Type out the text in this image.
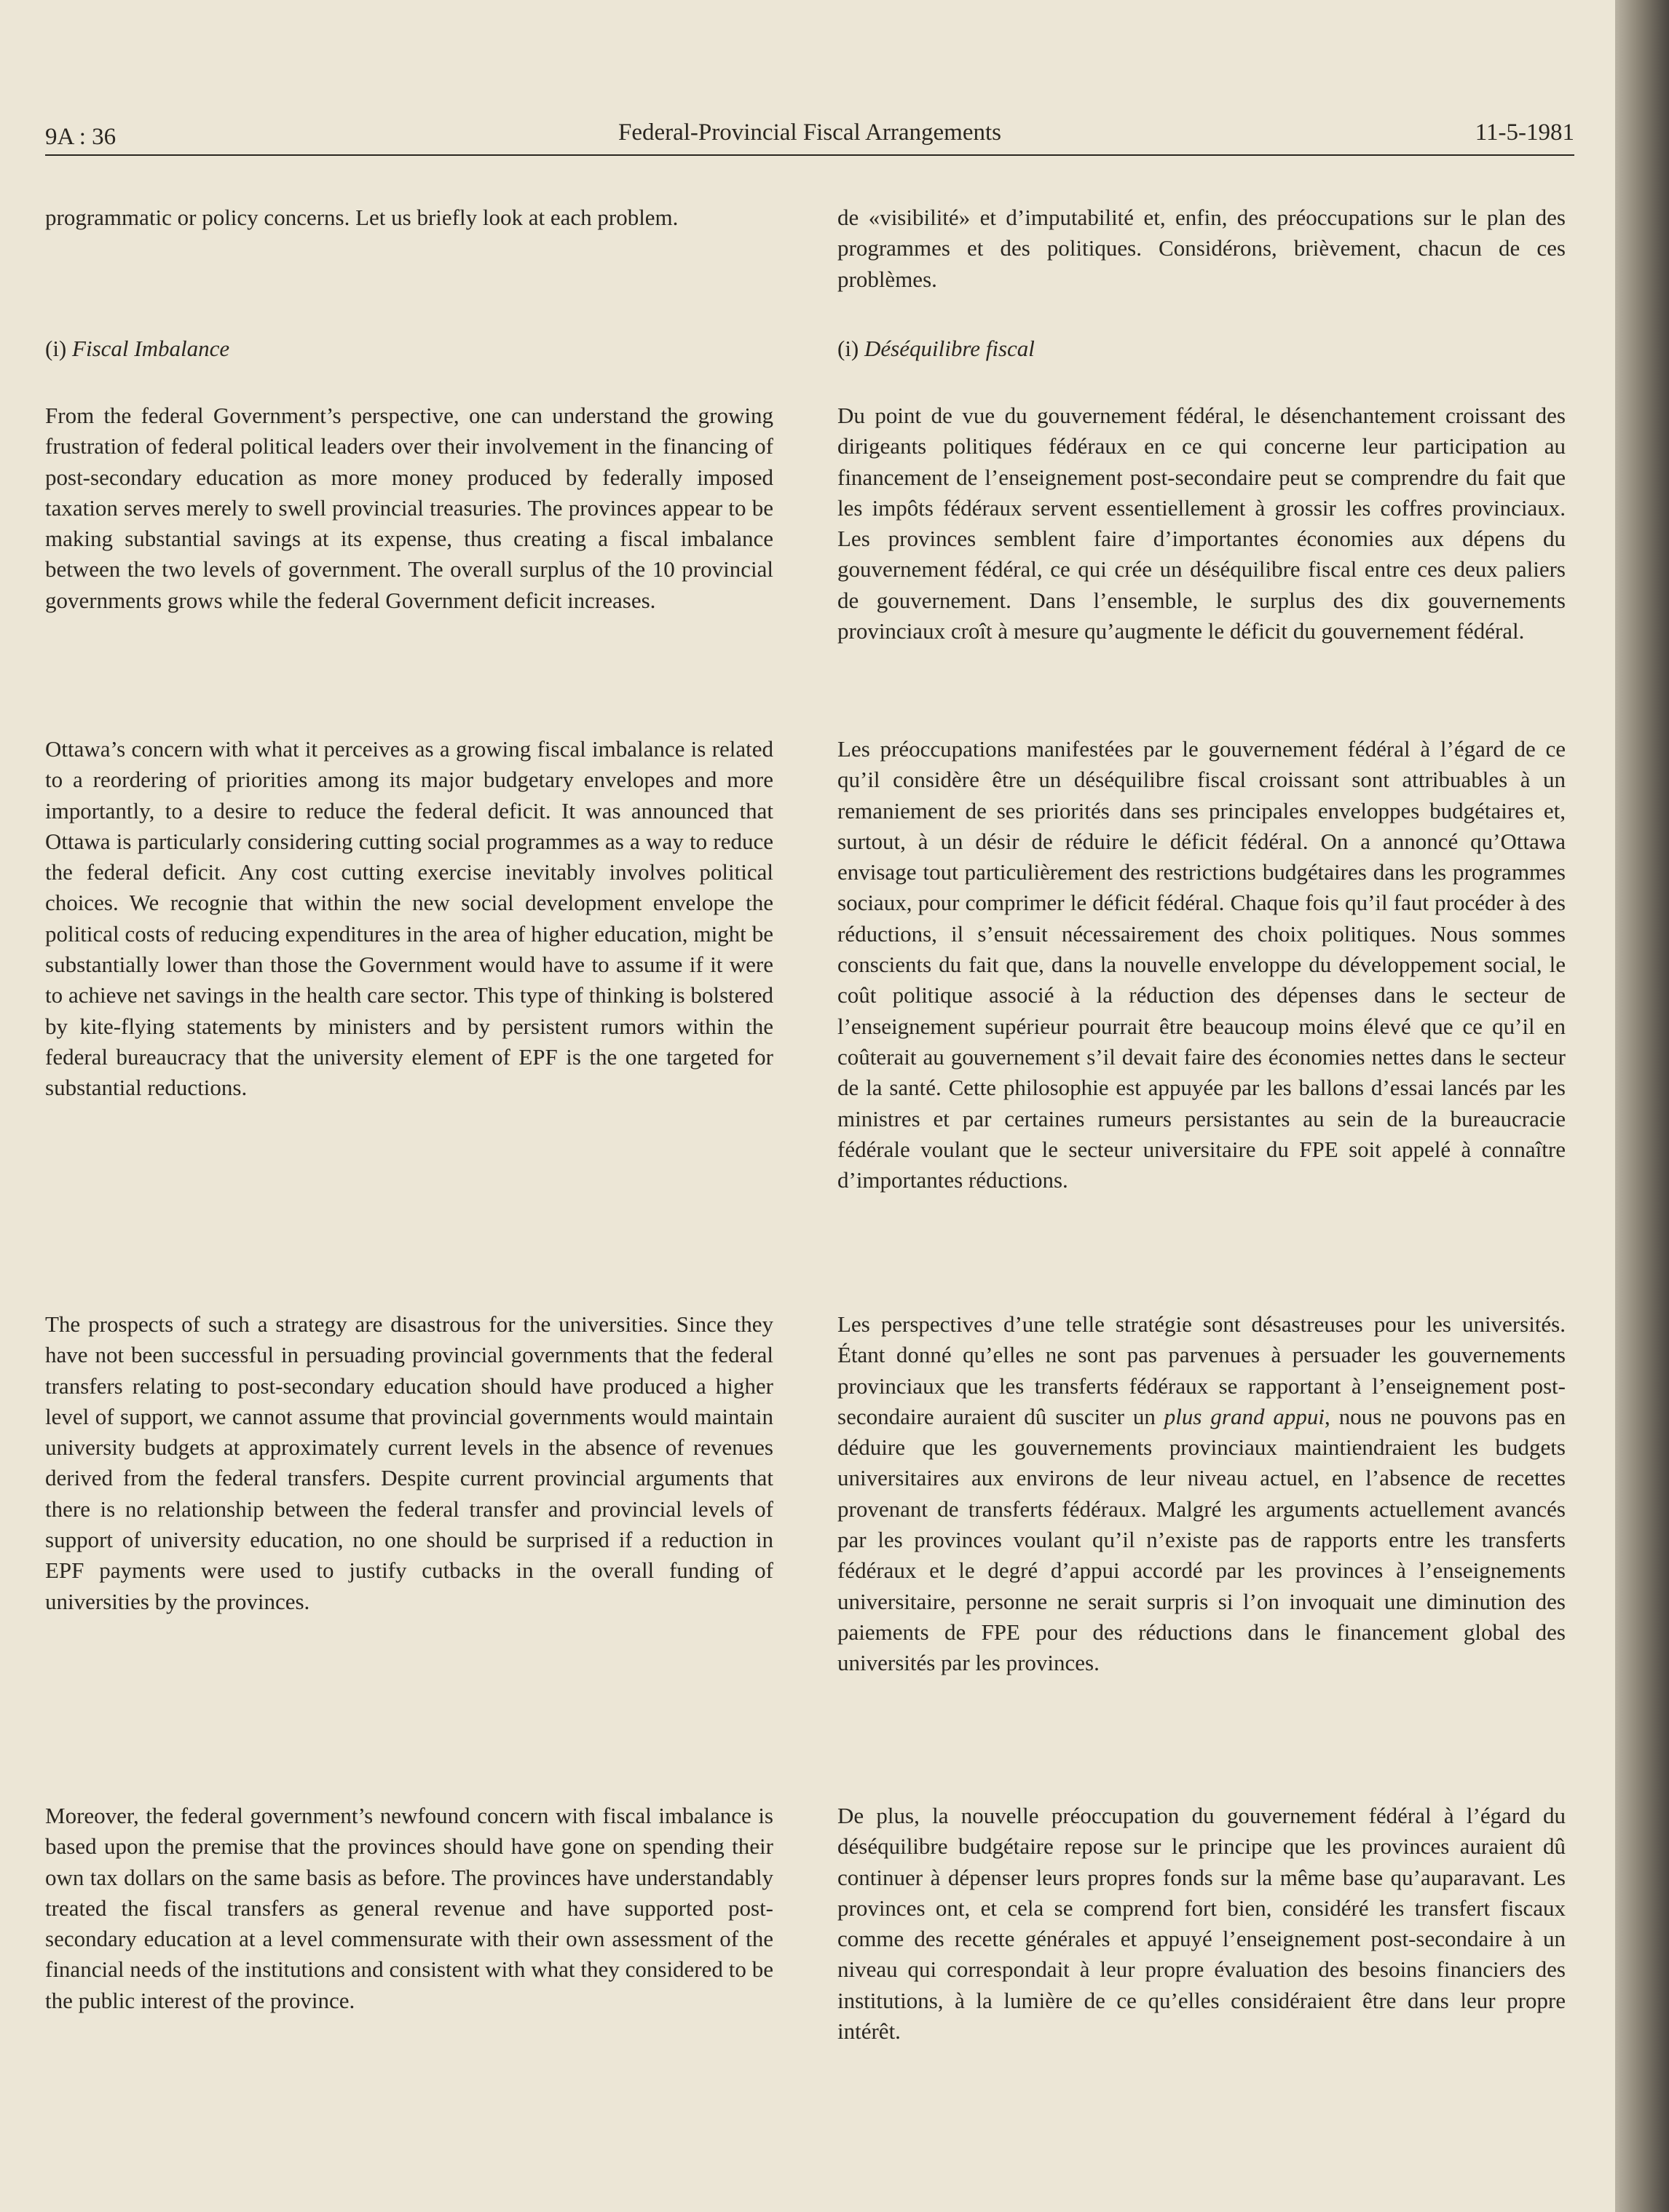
9A : 36	Federal-Provincial Fiscal Arrangements	11-5-1981

programmatic or policy concerns. Let us briefly look at each problem.

(i) Fiscal Imbalance

From the federal Government’s perspective, one can understand the growing frustration of federal political leaders over their involvement in the financing of post-secondary education as more money produced by federally imposed taxation serves merely to swell provincial treasuries. The provinces appear to be making substantial savings at its expense, thus creating a fiscal imbalance between the two levels of government. The overall surplus of the 10 provincial governments grows while the federal Government deficit increases.

Ottawa’s concern with what it perceives as a growing fiscal imbalance is related to a reordering of priorities among its major budgetary envelopes and more importantly, to a desire to reduce the federal deficit. It was announced that Ottawa is particularly considering cutting social programmes as a way to reduce the federal deficit. Any cost cutting exercise inevitably involves political choices. We recognie that within the new social development envelope the political costs of reducing expenditures in the area of higher education, might be substantially lower than those the Government would have to assume if it were to achieve net savings in the health care sector. This type of thinking is bolstered by kite-flying statements by ministers and by persistent rumors within the federal bureaucracy that the university element of EPF is the one targeted for substantial reductions.

The prospects of such a strategy are disastrous for the universities. Since they have not been successful in persuading provincial governments that the federal transfers relating to post-secondary education should have produced a higher level of support, we cannot assume that provincial governments would maintain university budgets at approximately current levels in the absence of revenues derived from the federal transfers. Despite current provincial arguments that there is no relationship between the federal transfer and provincial levels of support of university education, no one should be surprised if a reduction in EPF payments were used to justify cutbacks in the overall funding of universities by the provinces.

Moreover, the federal government’s newfound concern with fiscal imbalance is based upon the premise that the provinces should have gone on spending their own tax dollars on the same basis as before. The provinces have understandably treated the fiscal transfers as general revenue and have supported post-secondary education at a level commensurate with their own assessment of the financial needs of the institutions and consistent with what they considered to be the public interest of the province.

de «visibilité» et d’imputabilité et, enfin, des préoccupations sur le plan des programmes et des politiques. Considérons, brièvement, chacun de ces problèmes.

(i) Déséquilibre fiscal

Du point de vue du gouvernement fédéral, le désenchantement croissant des dirigeants politiques fédéraux en ce qui concerne leur participation au financement de l’enseignement post-secondaire peut se comprendre du fait que les impôts fédéraux servent essentiellement à grossir les coffres provinciaux. Les provinces semblent faire d’importantes économies aux dépens du gouvernement fédéral, ce qui crée un déséquilibre fiscal entre ces deux paliers de gouvernement. Dans l’ensemble, le surplus des dix gouvernements provinciaux croît à mesure qu’augmente le déficit du gouvernement fédéral.

Les préoccupations manifestées par le gouvernement fédéral à l’égard de ce qu’il considère être un déséquilibre fiscal croissant sont attribuables à un remaniement de ses priorités dans ses principales enveloppes budgétaires et, surtout, à un désir de réduire le déficit fédéral. On a annoncé qu’Ottawa envisage tout particulièrement des restrictions budgétaires dans les programmes sociaux, pour comprimer le déficit fédéral. Chaque fois qu’il faut procéder à des réductions, il s’ensuit nécessairement des choix politiques. Nous sommes conscients du fait que, dans la nouvelle enveloppe du développement social, le coût politique associé à la réduction des dépenses dans le secteur de l’enseignement supérieur pourrait être beaucoup moins élevé que ce qu’il en coûterait au gouvernement s’il devait faire des économies nettes dans le secteur de la santé. Cette philosophie est appuyée par les ballons d’essai lancés par les ministres et par certaines rumeurs persistantes au sein de la bureaucracie fédérale voulant que le secteur universitaire du FPE soit appelé à connaître d’importantes réductions.

Les perspectives d’une telle stratégie sont désastreuses pour les universités. Étant donné qu’elles ne sont pas parvenues à persuader les gouvernements provinciaux que les transferts fédéraux se rapportant à l’enseignement post-secondaire auraient dû susciter un plus grand appui, nous ne pouvons pas en déduire que les gouvernements provinciaux maintiendraient les budgets universitaires aux environs de leur niveau actuel, en l’absence de recettes provenant de transferts fédéraux. Malgré les arguments actuellement avancés par les provinces voulant qu’il n’existe pas de rapports entre les transferts fédéraux et le degré d’appui accordé par les provinces à l’enseignements universitaire, personne ne serait surpris si l’on invoquait une diminution des paiements de FPE pour des réductions dans le financement global des universités par les provinces.

De plus, la nouvelle préoccupation du gouvernement fédéral à l’égard du déséquilibre budgétaire repose sur le principe que les provinces auraient dû continuer à dépenser leurs propres fonds sur la même base qu’auparavant. Les provinces ont, et cela se comprend fort bien, considéré les transfert fiscaux comme des recette générales et appuyé l’enseignement post-secondaire à un niveau qui correspondait à leur propre évaluation des besoins financiers des institutions, à la lumière de ce qu’elles considéraient être dans leur propre intérêt.
